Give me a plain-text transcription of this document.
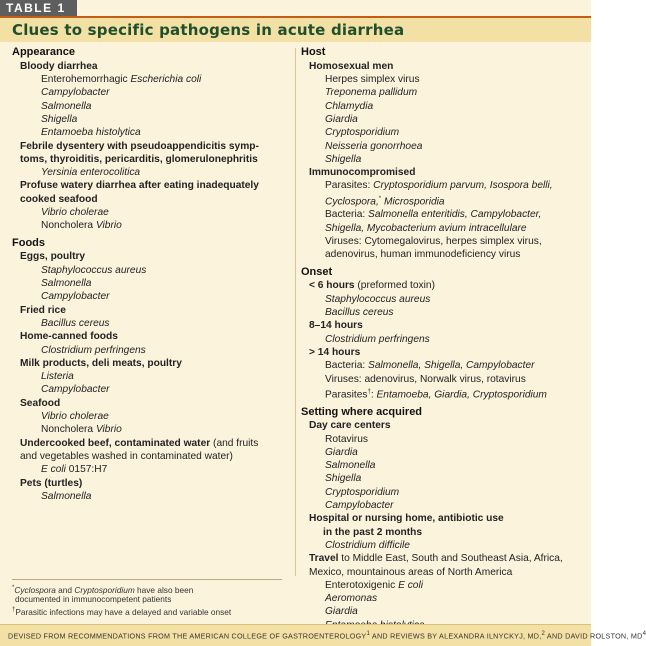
TABLE 1
Clues to specific pathogens in acute diarrhea
Appearance
Bloody diarrhea
Enterohemorrhagic Escherichia coli
Campylobacter
Salmonella
Shigella
Entamoeba histolytica
Febrile dysentery with pseudoappendicitis symp-
toms, thyroiditis, pericarditis, glomerulonephritis
Yersinia enterocolitica
Profuse watery diarrhea after eating inadequately
cooked seafood
Vibrio cholerae
Noncholera Vibrio
Foods
Eggs, poultry
Staphylococcus aureus
Salmonella
Campylobacter
Fried rice
Bacillus cereus
Home-canned foods
Clostridium perfringens
Milk products, deli meats, poultry
Listeria
Campylobacter
Seafood
Vibrio cholerae
Noncholera Vibrio
Undercooked beef, contaminated water (and fruits
and vegetables washed in contaminated water)
E coli 0157:H7
Pets (turtles)
Salmonella
Host
Homosexual men
Herpes simplex virus
Treponema pallidum
Chlamydia
Giardia
Cryptosporidium
Neisseria gonorrhoea
Shigella
Immunocompromised
Parasites: Cryptosporidium parvum, Isospora belli,
Cyclospora,* Microsporidia
Bacteria: Salmonella enteritidis, Campylobacter,
Shigella, Mycobacterium avium intracellulare
Viruses: Cytomegalovirus, herpes simplex virus,
adenovirus, human immunodeficiency virus
Onset
< 6 hours (preformed toxin)
Staphylococcus aureus
Bacillus cereus
8–14 hours
Clostridium perfringens
> 14 hours
Bacteria: Salmonella, Shigella, Campylobacter
Viruses: adenovirus, Norwalk virus, rotavirus
Parasites†: Entamoeba, Giardia, Cryptosporidium
Setting where acquired
Day care centers
Rotavirus
Giardia
Salmonella
Shigella
Cryptosporidium
Campylobacter
Hospital or nursing home, antibiotic use
in the past 2 months
Clostridium difficile
Travel to Middle East, South and Southeast Asia, Africa,
Mexico, mountainous areas of North America
Enterotoxigenic E coli
Aeromonas
Giardia
*Cyclospora and Cryptosporidium have also been
documented in immunocompetent patients
†Parasitic infections may have a delayed and variable onset
DEVISED FROM RECOMMENDATIONS FROM THE AMERICAN COLLEGE OF GASTROENTEROLOGY$^1$ AND REVIEWS BY ALEXANDRA ILNYCKYJ, MD,$^2$ AND DAVID ROLSTON, $MD^4$
